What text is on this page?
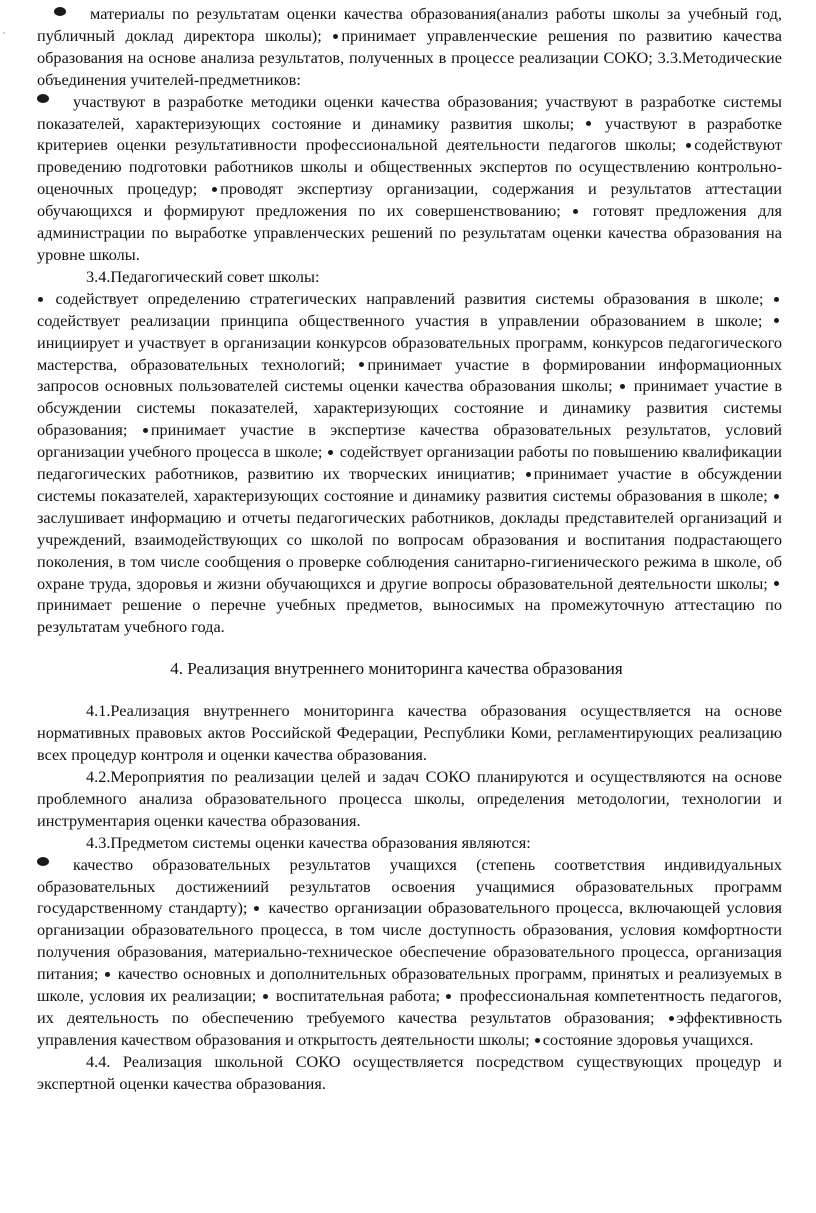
,

материалы по результатам оценки качества образования(анализ работы школы за учебный год, публичный доклад директора школы); принимает управленческие решения по развитию качества образования на основе анализа результатов, полученных в процессе реализации СОКО; 3.3.Методические объединения учителей-предметников:

участвуют в разработке методики оценки качества образования; участвуют в разработке системы показателей, характеризующих состояние и динамику развития школы; участвуют в разработке критериев оценки результативности профессиональной деятельности педагогов школы; содействуют проведению подготовки работников школы и общественных экспертов по осуществлению контрольно-оценочных процедур; проводят экспертизу организации, содержания и результатов аттестации обучающихся и формируют предложения по их совершенствованию; готовят предложения для администрации по выработке управленческих решений по результатам оценки качества образования на уровне школы.

3.4.Педагогический совет школы:

содействует определению стратегических направлений развития системы образования в школе;  содействует реализации принципа общественного участия в управлении образованием в школе; инициирует и участвует в организации конкурсов образовательных программ, конкурсов педагогического мастерства, образовательных технологий; принимает участие в формировании информационных запросов основных пользователей системы оценки качества образования школы; принимает участие в обсуждении системы показателей, характеризующих состояние и динамику развития системы образования; принимает участие в экспертизе качества образовательных результатов, условий организации учебного процесса в школе; содействует организации работы по повышению квалификации педагогических работников, развитию их творческих инициатив; принимает участие в обсуждении системы показателей, характеризующих состояние и динамику развития системы образования в школе;  заслушивает информацию и отчеты педагогических работников, доклады представителей организаций и учреждений, взаимодействующих со школой по вопросам образования и воспитания подрастающего поколения, в том числе сообщения о проверке соблюдения санитарно-гигиенического режима в школе, об охране труда, здоровья и жизни обучающихся и другие вопросы образовательной деятельности школы;  принимает решение о перечне учебных предметов, выносимых на промежуточную аттестацию по результатам учебного года.

4. Реализация внутреннего мониторинга качества образования

4.1.Реализация внутреннего мониторинга качества образования осуществляется на основе нормативных правовых актов Российской Федерации, Республики Коми, регламентирующих реализацию всех процедур контроля и оценки качества образования.

4.2.Мероприятия по реализации целей и задач СОКО планируются и осуществляются на основе проблемного анализа образовательного процесса школы, определения методологии, технологии и инструментария оценки качества образования.

4.3.Предметом системы оценки качества образования являются:

качество образовательных результатов учащихся (степень соответствия индивидуальных образовательных достижениий результатов освоения учащимися образовательных программ государственному стандарту); качество организации образовательного процесса, включающей условия организации образовательного процесса, в том числе доступность образования, условия комфортности получения образования, материально-техническое обеспечение образовательного процесса, организация питания; качество основных и дополнительных образовательных программ, принятых и реализуемых в школе, условия их реализации; воспитательная работа; профессиональная компетентность педагогов, их деятельность по обеспечению требуемого качества результатов образования; эффективность управления качеством образования и открытость деятельности школы; состояние здоровья учащихся.

4.4. Реализация школьной СОКО осуществляется посредством существующих процедур и экспертной оценки качества образования.
